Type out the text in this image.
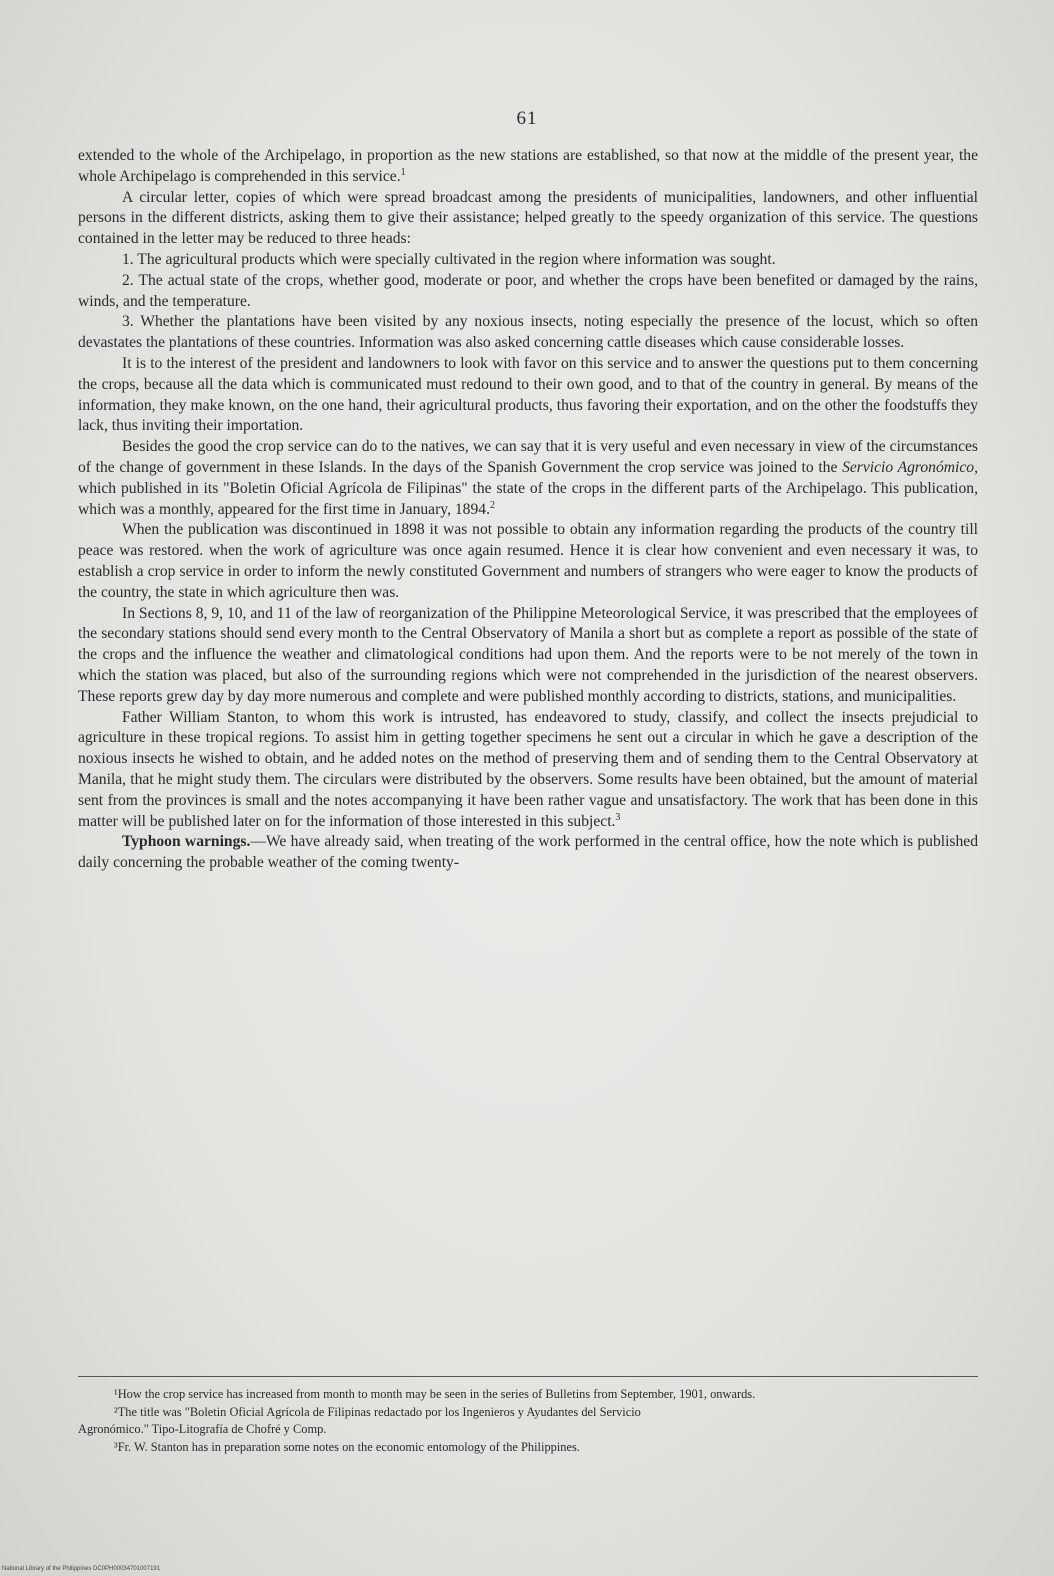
61

extended to the whole of the Archipelago, in proportion as the new stations are established, so that now at the middle of the present year, the whole Archipelago is comprehended in this service.$^1$

A circular letter, copies of which were spread broadcast among the presidents of municipalities, landowners, and other influential persons in the different districts, asking them to give their assistance; helped greatly to the speedy organization of this service. The questions contained in the letter may be reduced to three heads:

1. The agricultural products which were specially cultivated in the region where information was sought.

2. The actual state of the crops, whether good, moderate or poor, and whether the crops have been benefited or damaged by the rains, winds, and the temperature.

3. Whether the plantations have been visited by any noxious insects, noting especially the presence of the locust, which so often devastates the plantations of these countries. Information was also asked concerning cattle diseases which cause considerable losses.

It is to the interest of the president and landowners to look with favor on this service and to answer the questions put to them concerning the crops, because all the data which is communicated must redound to their own good, and to that of the country in general. By means of the information, they make known, on the one hand, their agricultural products, thus favoring their exportation, and on the other the foodstuffs they lack, thus inviting their importation.

Besides the good the crop service can do to the natives, we can say that it is very useful and even necessary in view of the circumstances of the change of government in these Islands. In the days of the Spanish Government the crop service was joined to the Servicio Agronómico, which published in its "Boletin Oficial Agrícola de Filipinas" the state of the crops in the different parts of the Archipelago. This publication, which was a monthly, appeared for the first time in January, 1894.$^2$

When the publication was discontinued in 1898 it was not possible to obtain any information regarding the products of the country till peace was restored. when the work of agriculture was once again resumed. Hence it is clear how convenient and even necessary it was, to establish a crop service in order to inform the newly constituted Government and numbers of strangers who were eager to know the products of the country, the state in which agriculture then was.

In Sections 8, 9, 10, and 11 of the law of reorganization of the Philippine Meteorological Service, it was prescribed that the employees of the secondary stations should send every month to the Central Observatory of Manila a short but as complete a report as possible of the state of the crops and the influence the weather and climatological conditions had upon them. And the reports were to be not merely of the town in which the station was placed, but also of the surrounding regions which were not comprehended in the jurisdiction of the nearest observers. These reports grew day by day more numerous and complete and were published monthly according to districts, stations, and municipalities.

Father William Stanton, to whom this work is intrusted, has endeavored to study, classify, and collect the insects prejudicial to agriculture in these tropical regions. To assist him in getting together specimens he sent out a circular in which he gave a description of the noxious insects he wished to obtain, and he added notes on the method of preserving them and of sending them to the Central Observatory at Manila, that he might study them. The circulars were distributed by the observers. Some results have been obtained, but the amount of material sent from the provinces is small and the notes accompanying it have been rather vague and unsatisfactory. The work that has been done in this matter will be published later on for the information of those interested in this subject.$^3$

Typhoon warnings.—We have already said, when treating of the work performed in the central office, how the note which is published daily concerning the probable weather of the coming twenty-

¹How the crop service has increased from month to month may be seen in the series of Bulletins from September, 1901, onwards.

²The title was "Boletin Oficial Agrícola de Filipinas redactado por los Ingenieros y Ayudantes del Servicio

Agronómico." Tipo-Litografía de Chofré y Comp.

³Fr. W. Stanton has in preparation some notes on the economic entomology of the Philippines.

National Library of the Philippines DC0PH00034701007191
